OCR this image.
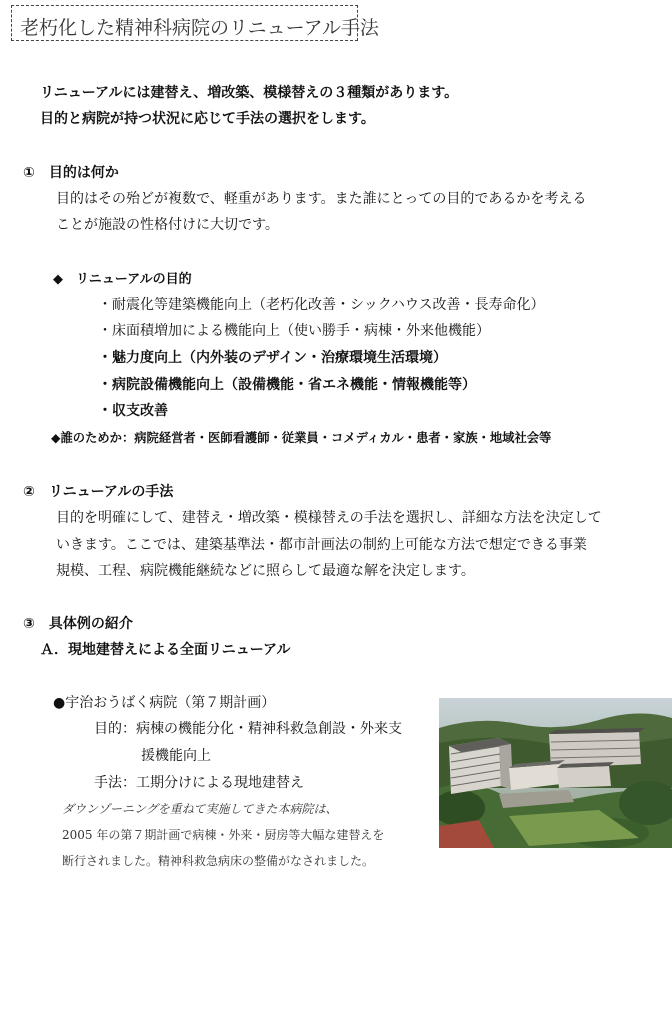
老朽化した精神科病院のリニューアル手法
リニューアルには建替え、増改築、模様替えの３種類があります。
目的と病院が持つ状況に応じて手法の選択をします。
①　目的は何か
目的はその殆どが複数で、軽重があります。また誰にとっての目的であるかを考える
ことが施設の性格付けに大切です。
◆　リニューアルの目的
・耐震化等建築機能向上（老朽化改善・シックハウス改善・長寿命化）
・床面積増加による機能向上（使い勝手・病棟・外来他機能）
・魅力度向上（内外装のデザイン・治療環境生活環境）
・病院設備機能向上（設備機能・省エネ機能・情報機能等）
・収支改善
◆誰のためか：病院経営者・医師看護師・従業員・コメディカル・患者・家族・地域社会等
②　リニューアルの手法
目的を明確にして、建替え・増改築・模様替えの手法を選択し、詳細な方法を決定して
いきます。ここでは、建築基準法・都市計画法の制約上可能な方法で想定できる事業
規模、工程、病院機能継続などに照らして最適な解を決定します。
③　具体例の紹介
Ａ．現地建替えによる全面リニューアル
●宇治おうばく病院（第７期計画）
目的：病棟の機能分化・精神科救急創設・外来支
援機能向上
手法：工期分けによる現地建替え
ダウンゾーニングを重ねて実施してきた本病院は、
2005 年の第７期計画で病棟・外来・厨房等大幅な建替えを
断行されました。精神科救急病床の整備がなされました。
